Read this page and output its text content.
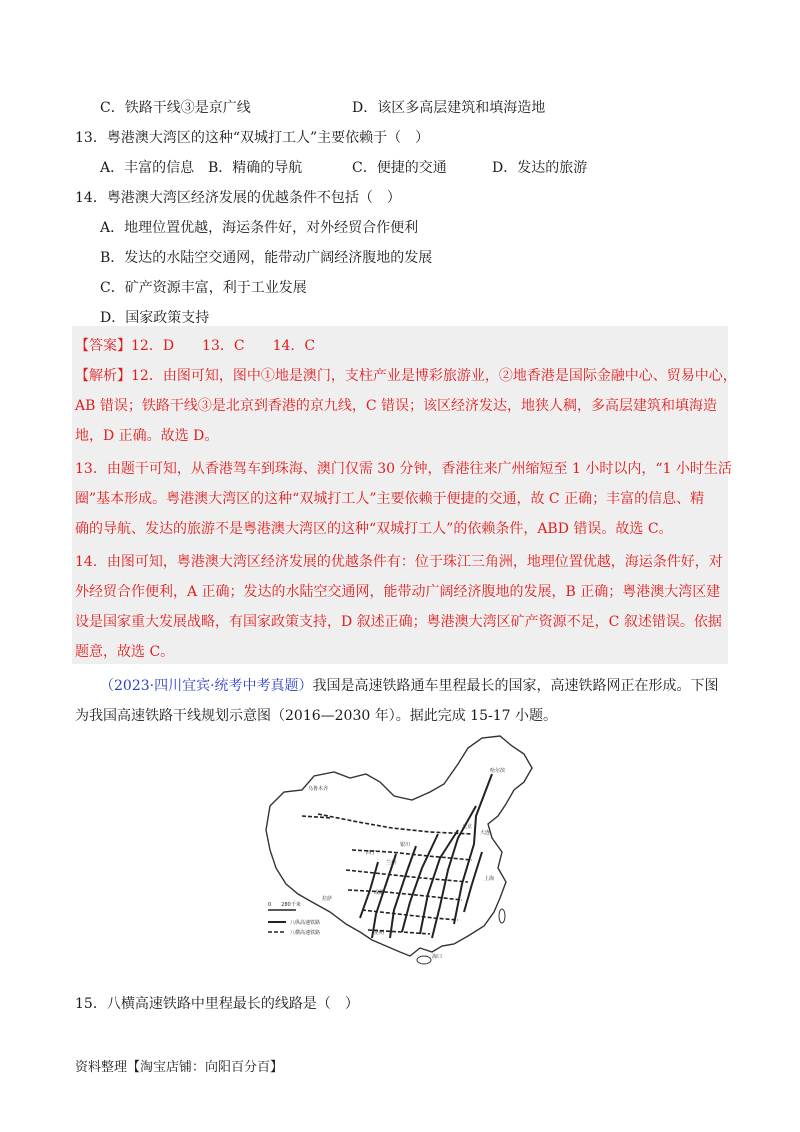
C．铁路干线③是京广线	D．该区多高层建筑和填海造地
13．粤港澳大湾区的这种“双城打工人”主要依赖于（　）
A．丰富的信息 B．精确的导航	C．便捷的交通	D．发达的旅游
14．粤港澳大湾区经济发展的优越条件不包括（　）
A．地理位置优越，海运条件好，对外经贸合作便利
B．发达的水陆空交通网，能带动广阔经济腹地的发展
C．矿产资源丰富，利于工业发展
D．国家政策支持
【答案】12．D　　13．C　　14．C
【解析】12．由图可知，图中①地是澳门，支柱产业是博彩旅游业，②地香港是国际金融中心、贸易中心，
AB 错误；铁路干线③是北京到香港的京九线，C 错误；该区经济发达，地狭人稠，多高层建筑和填海造
地，D 正确。故选 D。
13．由题干可知，从香港驾车到珠海、澳门仅需 30 分钟，香港往来广州缩短至 1 小时以内，“1 小时生活
圈”基本形成。粤港澳大湾区的这种“双城打工人”主要依赖于便捷的交通，故 C 正确；丰富的信息、精
确的导航、发达的旅游不是粤港澳大湾区的这种“双城打工人”的依赖条件，ABD 错误。故选 C。
14．由图可知，粤港澳大湾区经济发展的优越条件有：位于珠江三角洲，地理位置优越，海运条件好，对
外经贸合作便利，A 正确；发达的水陆空交通网，能带动广阔经济腹地的发展，B 正确；粤港澳大湾区建
设是国家重大发展战略，有国家政策支持，D 叙述正确；粤港澳大湾区矿产资源不足，C 叙述错误。依据
题意，故选 C。
（2023·四川宜宾·统考中考真题）我国是高速铁路通车里程最长的国家，高速铁路网正在形成。下图
为我国高速铁路干线规划示意图（2016—2030 年）。据此完成 15-17 小题。
0　　280千米
八纵高速铁路
八横高速铁路
乌鲁木齐
哈尔滨
北京
大连
西宁
银川
兰州
成都
上海
拉萨
昆明
海口
15．八横高速铁路中里程最长的线路是（　）
资料整理【淘宝店铺：向阳百分百】
